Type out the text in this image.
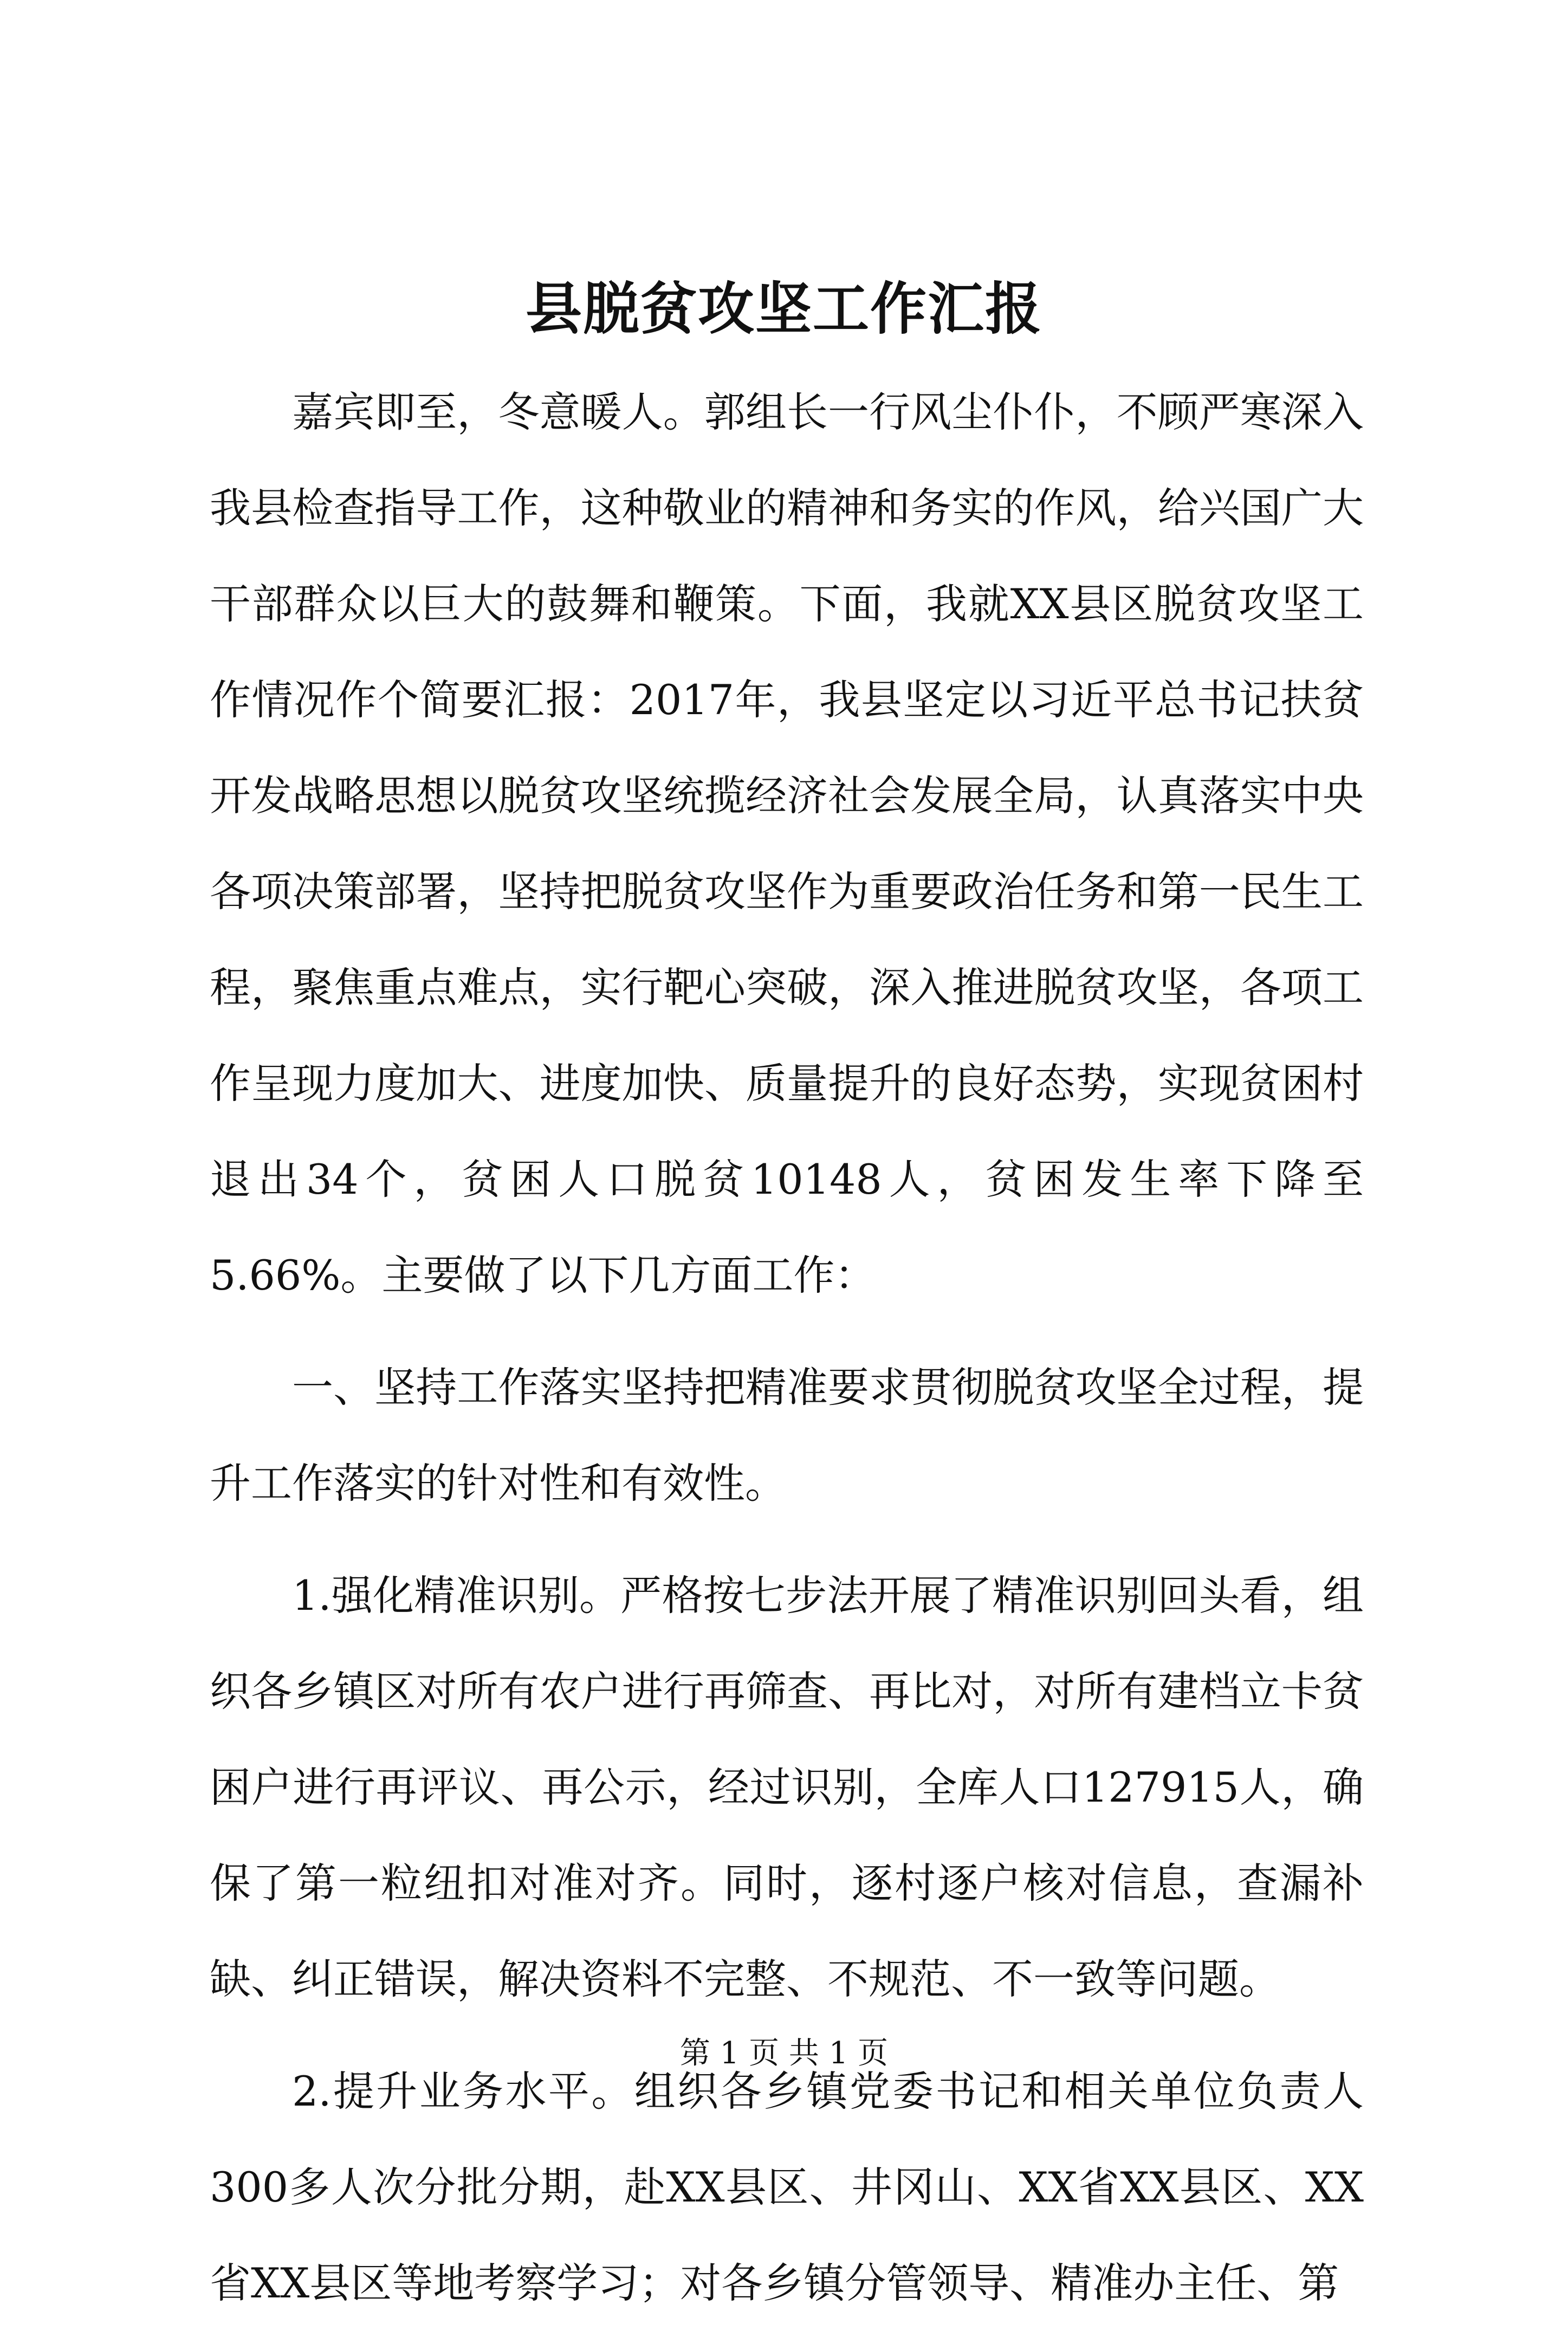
县脱贫攻坚工作汇报

嘉宾即至，冬意暖人。郭组长一行风尘仆仆，不顾严寒深入我县检查指导工作，这种敬业的精神和务实的作风，给兴国广大干部群众以巨大的鼓舞和鞭策。下面，我就XX县区脱贫攻坚工作情况作个简要汇报：2017年，我县坚定以习近平总书记扶贫开发战略思想以脱贫攻坚统揽经济社会发展全局，认真落实中央各项决策部署，坚持把脱贫攻坚作为重要政治任务和第一民生工程，聚焦重点难点，实行靶心突破，深入推进脱贫攻坚，各项工作呈现力度加大、进度加快、质量提升的良好态势，实现贫困村退出34个，贫困人口脱贫10148人，贫困发生率下降至5.66%。主要做了以下几方面工作：

一、坚持工作落实坚持把精准要求贯彻脱贫攻坚全过程，提升工作落实的针对性和有效性。

1.强化精准识别。严格按七步法开展了精准识别回头看，组织各乡镇区对所有农户进行再筛查、再比对，对所有建档立卡贫困户进行再评议、再公示，经过识别，全库人口127915人，确保了第一粒纽扣对准对齐。同时，逐村逐户核对信息，查漏补缺、纠正错误，解决资料不完整、不规范、不一致等问题。

2.提升业务水平。组织各乡镇党委书记和相关单位负责人300多人次分批分期，赴XX县区、井冈山、XX省XX县区、XX省XX县区等地考察学习；对各乡镇分管领导、精准办主任、第

第 1 页 共 1 页
